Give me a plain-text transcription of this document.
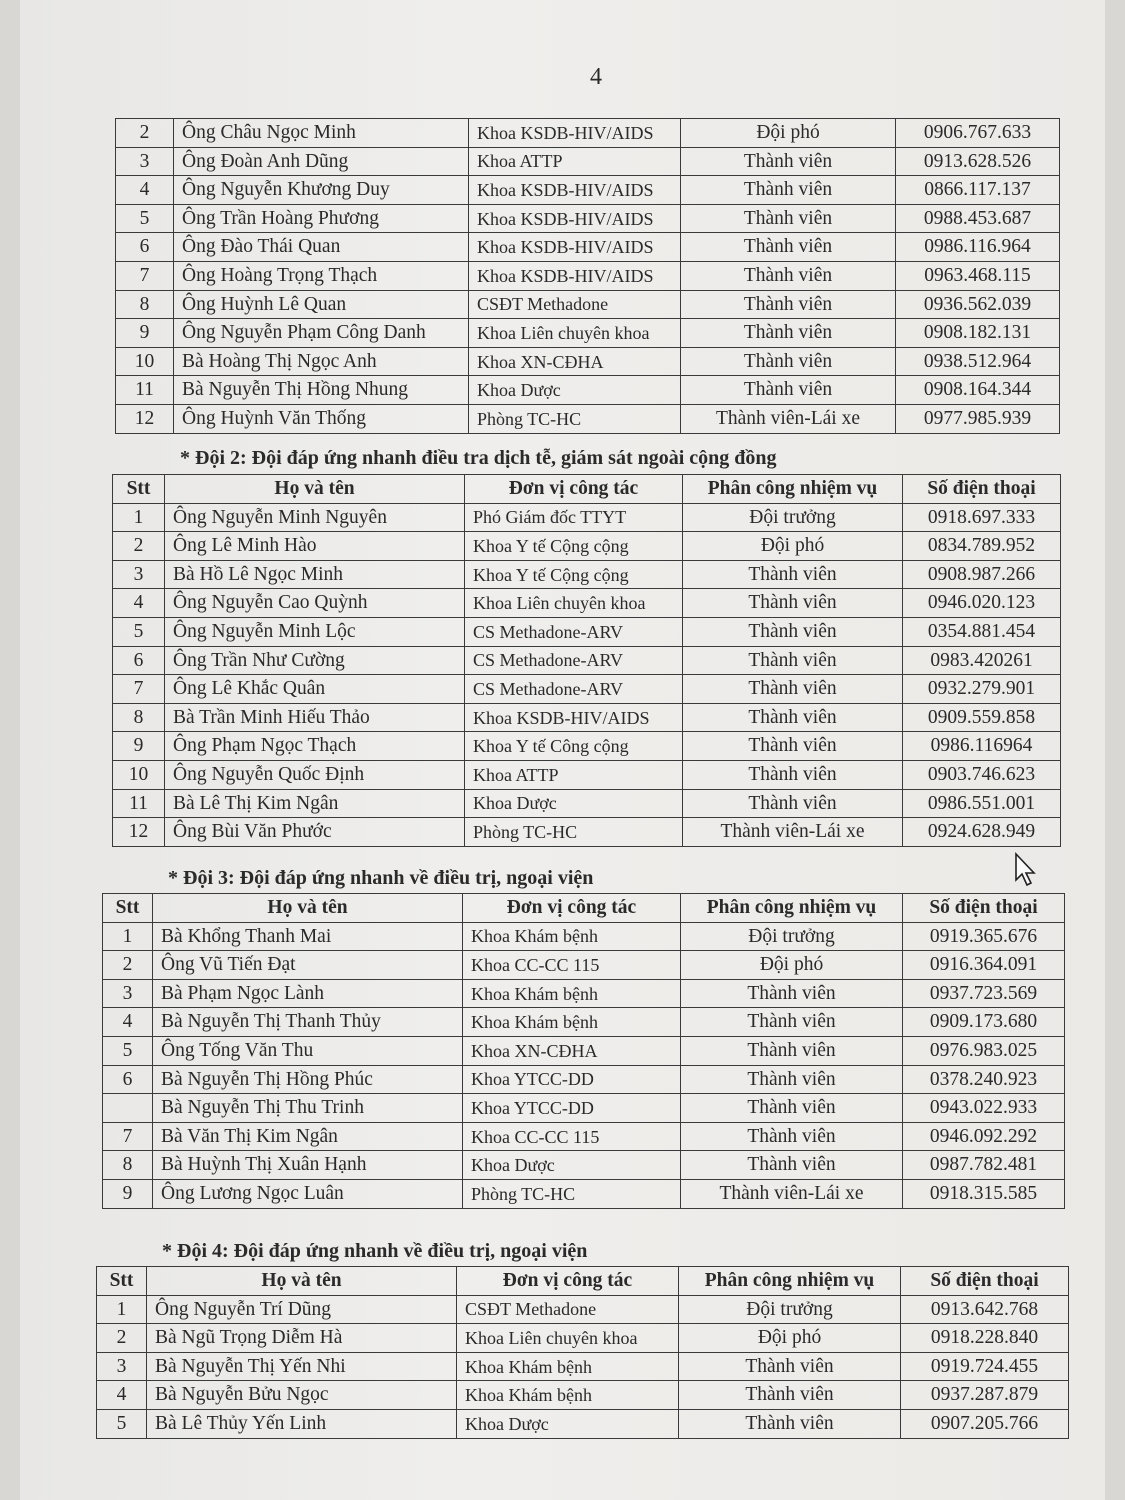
4
2	Ông Châu Ngọc Minh	Khoa KSDB-HIV/AIDS	Đội phó	0906.767.633
3	Ông Đoàn Anh Dũng	Khoa ATTP	Thành viên	0913.628.526
4	Ông Nguyễn Khương Duy	Khoa KSDB-HIV/AIDS	Thành viên	0866.117.137
5	Ông Trần Hoàng Phương	Khoa KSDB-HIV/AIDS	Thành viên	0988.453.687
6	Ông Đào Thái Quan	Khoa KSDB-HIV/AIDS	Thành viên	0986.116.964
7	Ông Hoàng Trọng Thạch	Khoa KSDB-HIV/AIDS	Thành viên	0963.468.115
8	Ông Huỳnh Lê Quan	CSĐT Methadone	Thành viên	0936.562.039
9	Ông Nguyễn Phạm Công Danh	Khoa Liên chuyên khoa	Thành viên	0908.182.131
10	Bà Hoàng Thị Ngọc Anh	Khoa XN-CĐHA	Thành viên	0938.512.964
11	Bà Nguyễn Thị Hồng Nhung	Khoa Dược	Thành viên	0908.164.344
12	Ông Huỳnh Văn Thống	Phòng TC-HC	Thành viên-Lái xe	0977.985.939
* Đội 2: Đội đáp ứng nhanh điều tra dịch tễ, giám sát ngoài cộng đồng
Stt	Họ và tên	Đơn vị công tác	Phân công nhiệm vụ	Số điện thoại
1	Ông Nguyễn Minh Nguyên	Phó Giám đốc TTYT	Đội trưởng	0918.697.333
2	Ông Lê Minh Hào	Khoa Y tế Cộng cộng	Đội phó	0834.789.952
3	Bà Hồ Lê Ngọc Minh	Khoa Y tế Cộng cộng	Thành viên	0908.987.266
4	Ông Nguyễn Cao Quỳnh	Khoa Liên chuyên khoa	Thành viên	0946.020.123
5	Ông Nguyễn Minh Lộc	CS Methadone-ARV	Thành viên	0354.881.454
6	Ông Trần Như Cường	CS Methadone-ARV	Thành viên	0983.420261
7	Ông Lê Khắc Quân	CS Methadone-ARV	Thành viên	0932.279.901
8	Bà Trần Minh Hiếu Thảo	Khoa KSDB-HIV/AIDS	Thành viên	0909.559.858
9	Ông Phạm Ngọc Thạch	Khoa Y tế Công cộng	Thành viên	0986.116964
10	Ông Nguyễn Quốc Định	Khoa ATTP	Thành viên	0903.746.623
11	Bà Lê Thị Kim Ngân	Khoa Dược	Thành viên	0986.551.001
12	Ông Bùi Văn Phước	Phòng TC-HC	Thành viên-Lái xe	0924.628.949
* Đội 3: Đội đáp ứng nhanh về điều trị, ngoại viện
Stt	Họ và tên	Đơn vị công tác	Phân công nhiệm vụ	Số điện thoại
1	Bà Khổng Thanh Mai	Khoa Khám bệnh	Đội trưởng	0919.365.676
2	Ông Vũ Tiến Đạt	Khoa CC-CC 115	Đội phó	0916.364.091
3	Bà Phạm Ngọc Lành	Khoa Khám bệnh	Thành viên	0937.723.569
4	Bà Nguyễn Thị Thanh Thủy	Khoa Khám bệnh	Thành viên	0909.173.680
5	Ông Tống Văn Thu	Khoa XN-CĐHA	Thành viên	0976.983.025
6	Bà Nguyễn Thị Hồng Phúc	Khoa YTCC-DD	Thành viên	0378.240.923
	Bà Nguyễn Thị Thu Trinh	Khoa YTCC-DD	Thành viên	0943.022.933
7	Bà Văn Thị Kim Ngân	Khoa CC-CC 115	Thành viên	0946.092.292
8	Bà Huỳnh Thị Xuân Hạnh	Khoa Dược	Thành viên	0987.782.481
9	Ông Lương Ngọc Luân	Phòng TC-HC	Thành viên-Lái xe	0918.315.585
* Đội 4: Đội đáp ứng nhanh về điều trị, ngoại viện
Stt	Họ và tên	Đơn vị công tác	Phân công nhiệm vụ	Số điện thoại
1	Ông Nguyễn Trí Dũng	CSĐT Methadone	Đội trưởng	0913.642.768
2	Bà Ngũ Trọng Diễm Hà	Khoa Liên chuyên khoa	Đội phó	0918.228.840
3	Bà Nguyễn Thị Yến Nhi	Khoa Khám bệnh	Thành viên	0919.724.455
4	Bà Nguyễn Bửu Ngọc	Khoa Khám bệnh	Thành viên	0937.287.879
5	Bà Lê Thủy Yến Linh	Khoa Dược	Thành viên	0907.205.766
